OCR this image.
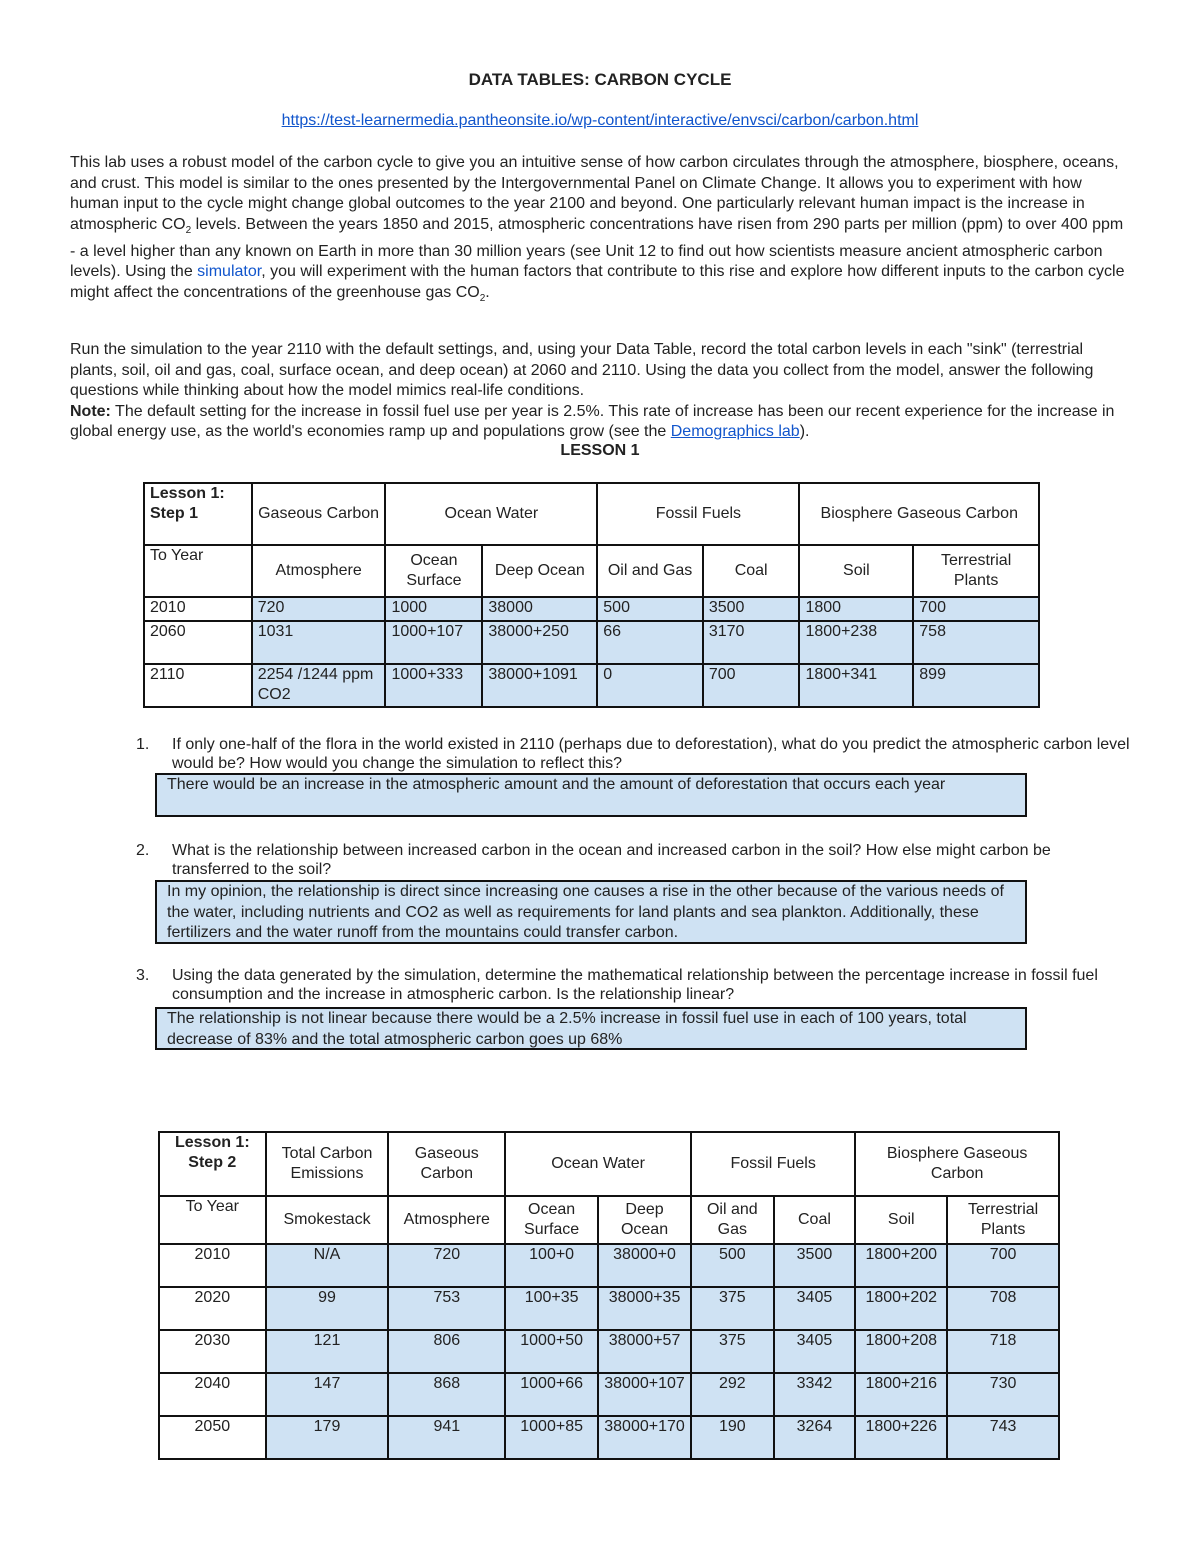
DATA TABLES: CARBON CYCLE
https://test-learnermedia.pantheonsite.io/wp-content/interactive/envsci/carbon/carbon.html
This lab uses a robust model of the carbon cycle to give you an intuitive sense of how carbon circulates through the atmosphere, biosphere, oceans, and crust. This model is similar to the ones presented by the Intergovernmental Panel on Climate Change. It allows you to experiment with how human input to the cycle might change global outcomes to the year 2100 and beyond. One particularly relevant human impact is the increase in atmospheric $CO_2$ levels. Between the years 1850 and 2015, atmospheric concentrations have risen from 290 parts per million (ppm) to over 400 ppm - a level higher than any known on Earth in more than 30 million years (see Unit 12 to find out how scientists measure ancient atmospheric carbon levels). Using the simulator, you will experiment with the human factors that contribute to this rise and explore how different inputs to the carbon cycle might affect the concentrations of the greenhouse gas $CO_2$.
Run the simulation to the year 2110 with the default settings, and, using your Data Table, record the total carbon levels in each "sink" (terrestrial plants, soil, oil and gas, coal, surface ocean, and deep ocean) at 2060 and 2110. Using the data you collect from the model, answer the following questions while thinking about how the model mimics real-life conditions.
Note: The default setting for the increase in fossil fuel use per year is 2.5%. This rate of increase has been our recent experience for the increase in global energy use, as the world's economies ramp up and populations grow (see the Demographics lab).
LESSON 1
Lesson 1: Step 1	Gaseous Carbon	Ocean Water		Fossil Fuels		Biosphere Gaseous Carbon	
To Year	Atmosphere	Ocean Surface	Deep Ocean	Oil and Gas	Coal	Soil	Terrestrial Plants
2010	720	1000	38000	500	3500	1800	700
2060	1031	1000+107	38000+250	66	3170	1800+238	758
2110	2254 /1244 ppm CO2	1000+333	38000+1091	0	700	1800+341	899
1. If only one-half of the flora in the world existed in 2110 (perhaps due to deforestation), what do you predict the atmospheric carbon level would be? How would you change the simulation to reflect this?
There would be an increase in the atmospheric amount and the amount of deforestation that occurs each year
2. What is the relationship between increased carbon in the ocean and increased carbon in the soil? How else might carbon be transferred to the soil?
In my opinion, the relationship is direct since increasing one causes a rise in the other because of the various needs of the water, including nutrients and CO2 as well as requirements for land plants and sea plankton. Additionally, these fertilizers and the water runoff from the mountains could transfer carbon.
3. Using the data generated by the simulation, determine the mathematical relationship between the percentage increase in fossil fuel consumption and the increase in atmospheric carbon. Is the relationship linear?
The relationship is not linear because there would be a 2.5% increase in fossil fuel use in each of 100 years, total decrease of 83% and the total atmospheric carbon goes up 68%
Lesson 1: Step 2	Total Carbon Emissions	Gaseous Carbon	Ocean Water		Fossil Fuels		Biosphere Gaseous Carbon	
To Year	Smokestack	Atmosphere	Ocean Surface	Deep Ocean	Oil and Gas	Coal	Soil	Terrestrial Plants
2010	N/A	720	100+0	38000+0	500	3500	1800+200	700
2020	99	753	100+35	38000+35	375	3405	1800+202	708
2030	121	806	1000+50	38000+57	375	3405	1800+208	718
2040	147	868	1000+66	38000+107	292	3342	1800+216	730
2050	179	941	1000+85	38000+170	190	3264	1800+226	743
